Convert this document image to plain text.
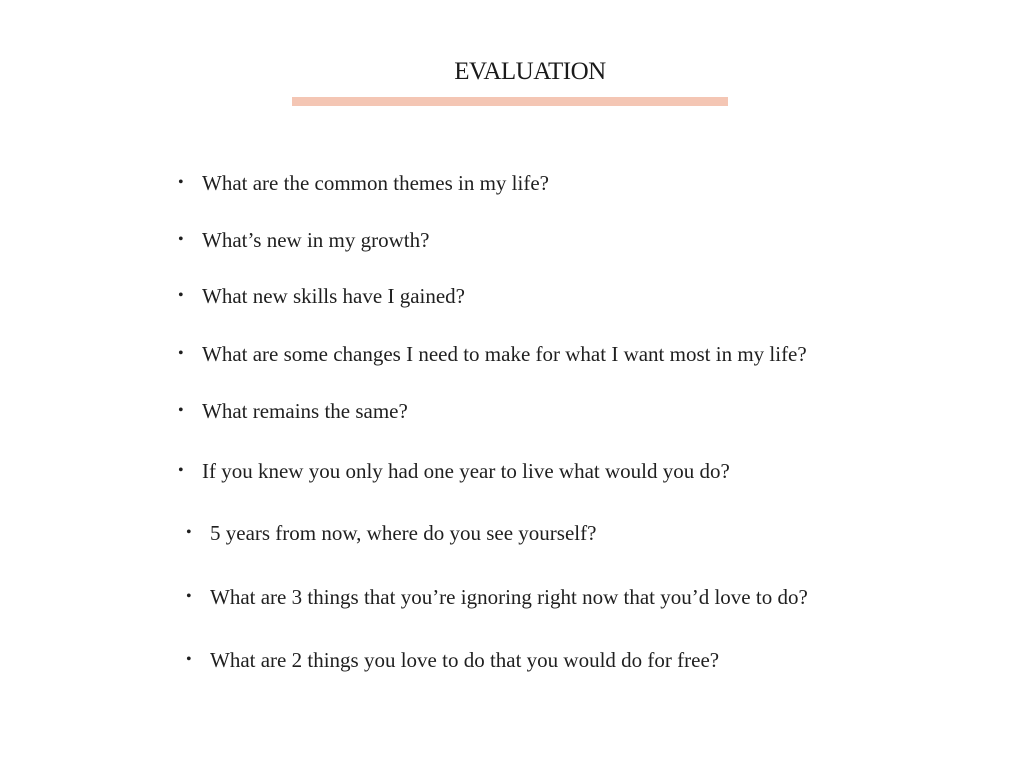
EVALUATION
• What are the common themes in my life?
• What’s new in my growth?
• What new skills have I gained?
• What are some changes I need to make for what I want most in my life?
• What remains the same?
• If you knew you only had one year to live what would you do?
• 5 years from now, where do you see yourself?
• What are 3 things that you’re ignoring right now that you’d love to do?
• What are 2 things you love to do that you would do for free?
